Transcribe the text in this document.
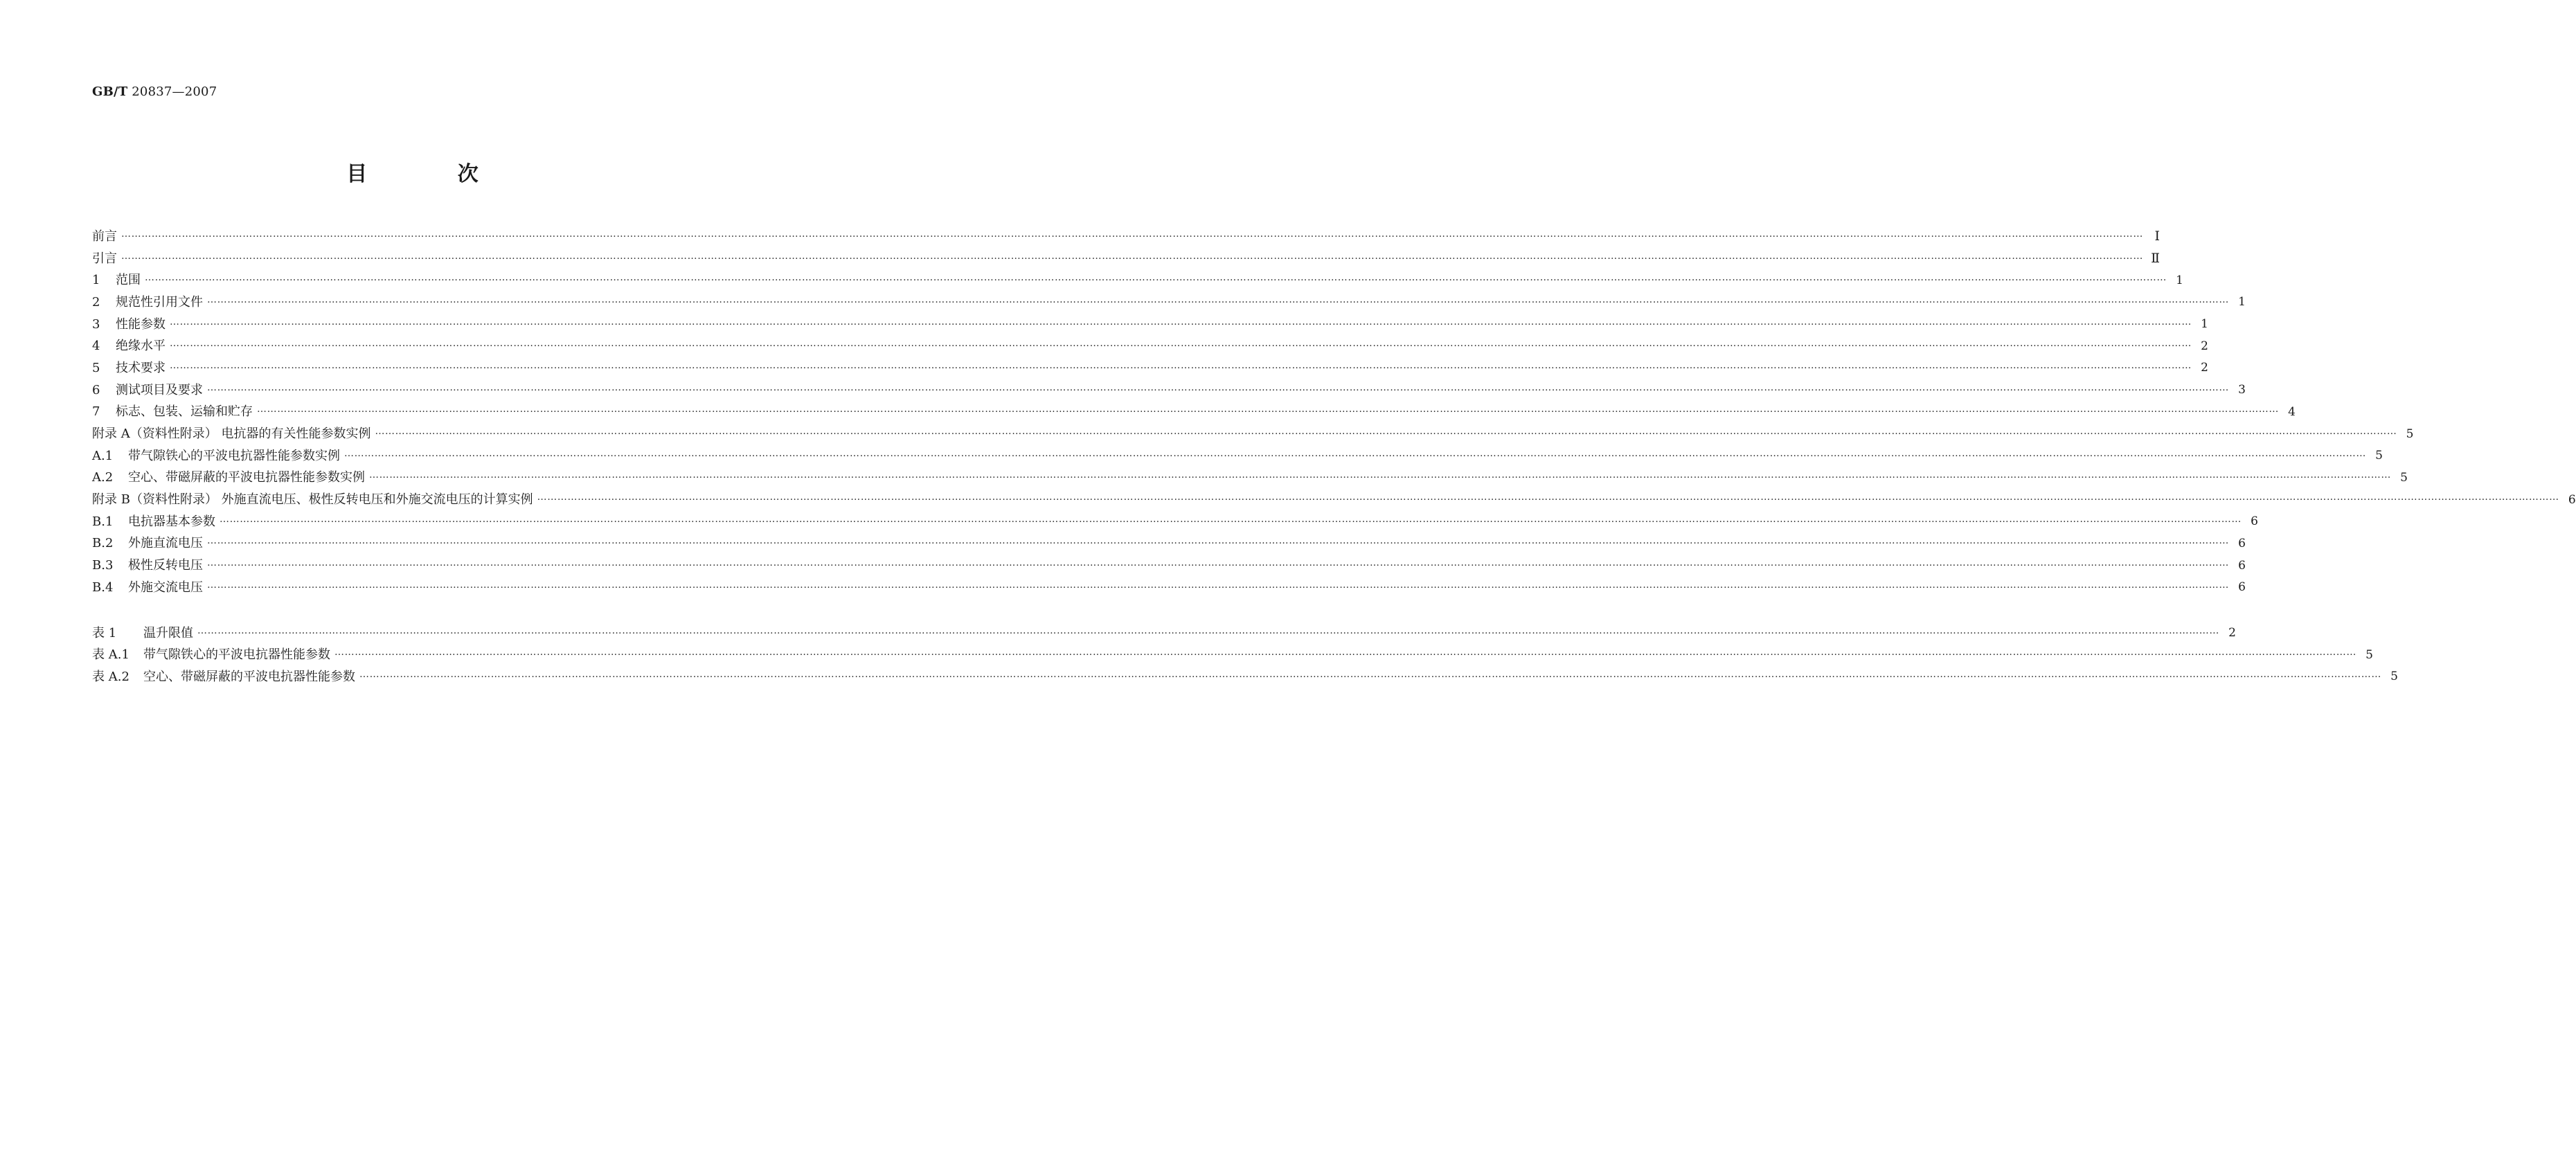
GB/T 20837—2007
目 次
前言 …………………………………………………………………………………………………………………………………………………………………………………………………………………………………………………………………………………………………………………………………………………………………………………………………………………………………………………………………………………………………………………………………………………… Ⅰ
引言 …………………………………………………………………………………………………………………………………………………………………………………………………………………………………………………………………………………………………………………………………………………………………………………………………………………………………………………………………………………………………………………………………………………… Ⅱ
1 范围 …………………………………………………………………………………………………………………………………………………………………………………………………………………………………………………………………………………………………………………………………………………………………………………………………………………………………………………………………………………………………………………………………………………… 1
2 规范性引用文件 …………………………………………………………………………………………………………………………………………………………………………………………………………………………………………………………………………………………………………………………………………………………………………………………………………………………………………………………………………………………………………………………………………………… 1
3 性能参数 …………………………………………………………………………………………………………………………………………………………………………………………………………………………………………………………………………………………………………………………………………………………………………………………………………………………………………………………………………………………………………………………………………………… 1
4 绝缘水平 …………………………………………………………………………………………………………………………………………………………………………………………………………………………………………………………………………………………………………………………………………………………………………………………………………………………………………………………………………………………………………………………………………………… 2
5 技术要求 …………………………………………………………………………………………………………………………………………………………………………………………………………………………………………………………………………………………………………………………………………………………………………………………………………………………………………………………………………………………………………………………………………………… 2
6 测试项目及要求 …………………………………………………………………………………………………………………………………………………………………………………………………………………………………………………………………………………………………………………………………………………………………………………………………………………………………………………………………………………………………………………………………………………… 3
7 标志、包装、运输和贮存 …………………………………………………………………………………………………………………………………………………………………………………………………………………………………………………………………………………………………………………………………………………………………………………………………………………………………………………………………………………………………………………………………………………… 4
附录 A（资料性附录） 电抗器的有关性能参数实例 …………………………………………………………………………………………………………………………………………………………………………………………………………………………………………………………………………………………………………………………………………………………………………………………………………………………………………………………………………………………………………………………………………………… 5
A.1 带气隙铁心的平波电抗器性能参数实例 …………………………………………………………………………………………………………………………………………………………………………………………………………………………………………………………………………………………………………………………………………………………………………………………………………………………………………………………………………………………………………………………………………………… 5
A.2 空心、带磁屏蔽的平波电抗器性能参数实例 …………………………………………………………………………………………………………………………………………………………………………………………………………………………………………………………………………………………………………………………………………………………………………………………………………………………………………………………………………………………………………………………………………………… 5
附录 B（资料性附录） 外施直流电压、极性反转电压和外施交流电压的计算实例 …………………………………………………………………………………………………………………………………………………………………………………………………………………………………………………………………………………………………………………………………………………………………………………………………………………………………………………………………………………………………………………………………………………… 6
B.1 电抗器基本参数 …………………………………………………………………………………………………………………………………………………………………………………………………………………………………………………………………………………………………………………………………………………………………………………………………………………………………………………………………………………………………………………………………………………… 6
B.2 外施直流电压 …………………………………………………………………………………………………………………………………………………………………………………………………………………………………………………………………………………………………………………………………………………………………………………………………………………………………………………………………………………………………………………………………………………… 6
B.3 极性反转电压 …………………………………………………………………………………………………………………………………………………………………………………………………………………………………………………………………………………………………………………………………………………………………………………………………………………………………………………………………………………………………………………………………………………… 6
B.4 外施交流电压 …………………………………………………………………………………………………………………………………………………………………………………………………………………………………………………………………………………………………………………………………………………………………………………………………………………………………………………………………………………………………………………………………………………… 6
表 1 温升限值 …………………………………………………………………………………………………………………………………………………………………………………………………………………………………………………………………………………………………………………………………………………………………………………………………………………………………………………………………………………………………………………………………………………… 2
表 A.1 带气隙铁心的平波电抗器性能参数 …………………………………………………………………………………………………………………………………………………………………………………………………………………………………………………………………………………………………………………………………………………………………………………………………………………………………………………………………………………………………………………………………………………… 5
表 A.2 空心、带磁屏蔽的平波电抗器性能参数 …………………………………………………………………………………………………………………………………………………………………………………………………………………………………………………………………………………………………………………………………………………………………………………………………………………………………………………………………………………………………………………………………………………… 5
